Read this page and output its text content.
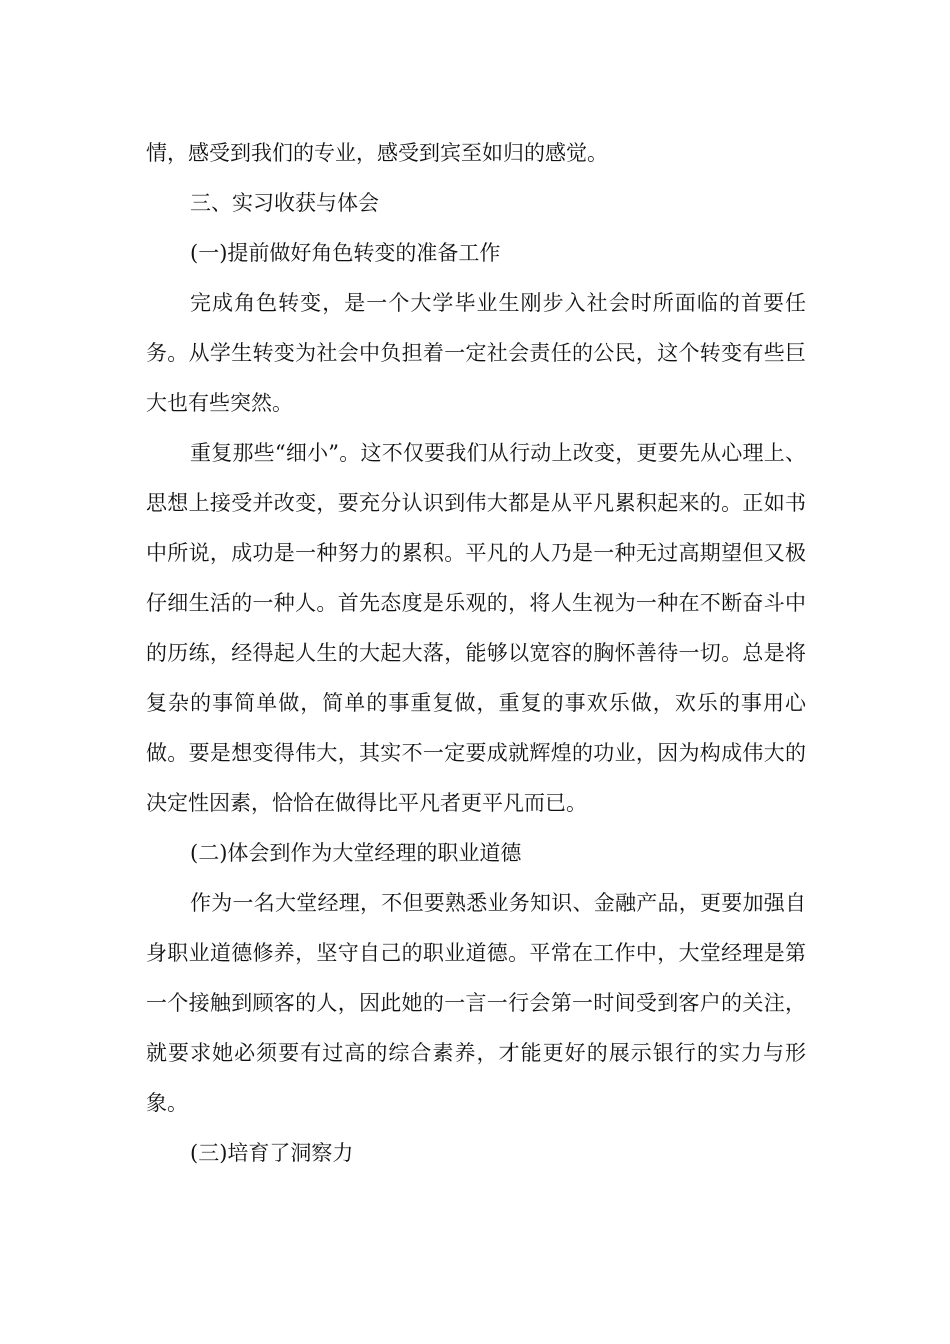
情，感受到我们的专业，感受到宾至如归的感觉。

三、实习收获与体会

(一)提前做好角色转变的准备工作

完成角色转变，是一个大学毕业生刚步入社会时所面临的首要任务。从学生转变为社会中负担着一定社会责任的公民，这个转变有些巨大也有些突然。

重复那些“细小”。这不仅要我们从行动上改变，更要先从心理上、思想上接受并改变，要充分认识到伟大都是从平凡累积起来的。正如书中所说，成功是一种努力的累积。平凡的人乃是一种无过高期望但又极仔细生活的一种人。首先态度是乐观的，将人生视为一种在不断奋斗中的历练，经得起人生的大起大落，能够以宽容的胸怀善待一切。总是将复杂的事简单做，简单的事重复做，重复的事欢乐做，欢乐的事用心做。要是想变得伟大，其实不一定要成就辉煌的功业，因为构成伟大的决定性因素，恰恰在做得比平凡者更平凡而已。

(二)体会到作为大堂经理的职业道德

作为一名大堂经理，不但要熟悉业务知识、金融产品，更要加强自身职业道德修养，坚守自己的职业道德。平常在工作中，大堂经理是第一个接触到顾客的人，因此她的一言一行会第一时间受到客户的关注，就要求她必须要有过高的综合素养，才能更好的展示银行的实力与形象。

(三)培育了洞察力
